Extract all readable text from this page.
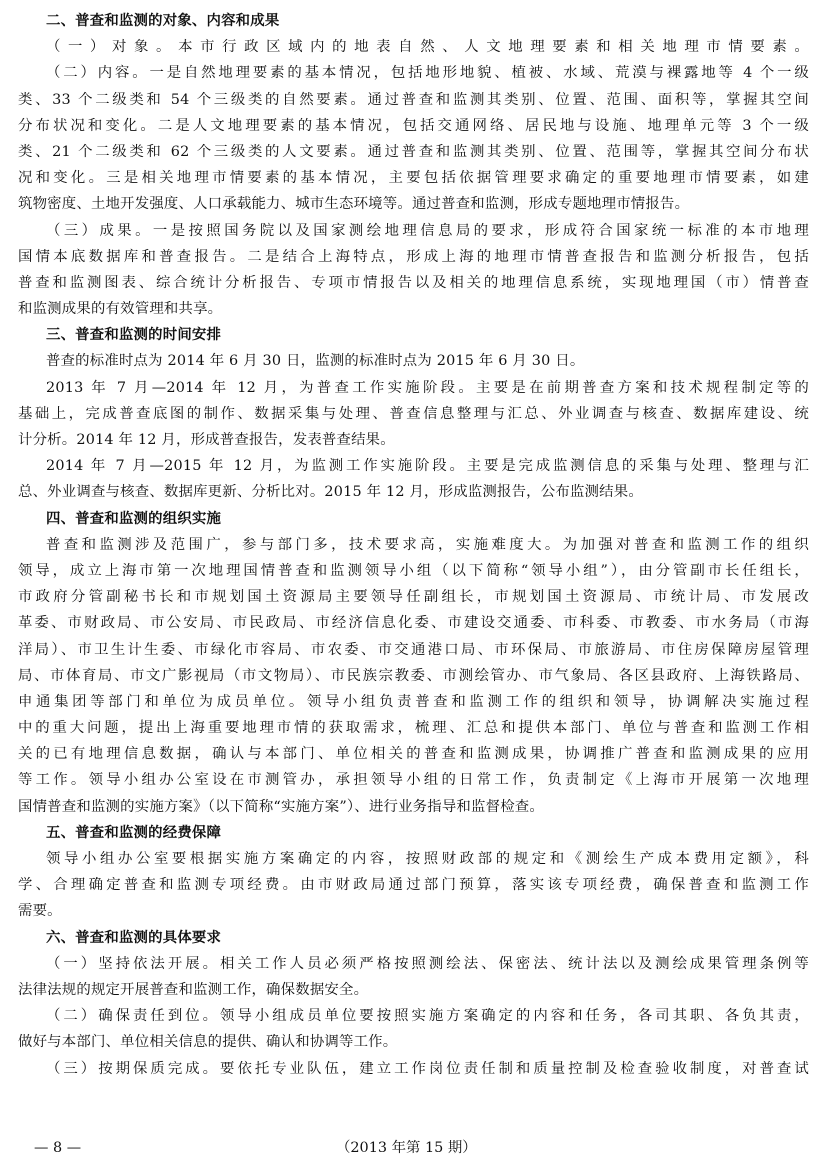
二、普查和监测的对象、内容和成果
（一）对象。本市行政区域内的地表自然、人文地理要素和相关地理市情要素。
（二）内容。一是自然地理要素的基本情况，包括地形地貌、植被、水域、荒漠与裸露地等 4 个一级
类、33 个二级类和 54 个三级类的自然要素。通过普查和监测其类别、位置、范围、面积等，掌握其空间
分布状况和变化。二是人文地理要素的基本情况，包括交通网络、居民地与设施、地理单元等 3 个一级
类、21 个二级类和 62 个三级类的人文要素。通过普查和监测其类别、位置、范围等，掌握其空间分布状
况和变化。三是相关地理市情要素的基本情况，主要包括依据管理要求确定的重要地理市情要素，如建
筑物密度、土地开发强度、人口承载能力、城市生态环境等。通过普查和监测，形成专题地理市情报告。
（三）成果。一是按照国务院以及国家测绘地理信息局的要求，形成符合国家统一标准的本市地理
国情本底数据库和普查报告。二是结合上海特点，形成上海的地理市情普查报告和监测分析报告，包括
普查和监测图表、综合统计分析报告、专项市情报告以及相关的地理信息系统，实现地理国（市）情普查
和监测成果的有效管理和共享。
三、普查和监测的时间安排
普查的标准时点为 2014 年 6 月 30 日，监测的标准时点为 2015 年 6 月 30 日。
2013 年 7 月—2014 年 12 月，为普查工作实施阶段。主要是在前期普查方案和技术规程制定等的
基础上，完成普查底图的制作、数据采集与处理、普查信息整理与汇总、外业调查与核查、数据库建设、统
计分析。2014 年 12 月，形成普查报告，发表普查结果。
2014 年 7 月—2015 年 12 月，为监测工作实施阶段。主要是完成监测信息的采集与处理、整理与汇
总、外业调查与核查、数据库更新、分析比对。2015 年 12 月，形成监测报告，公布监测结果。
四、普查和监测的组织实施
普查和监测涉及范围广，参与部门多，技术要求高，实施难度大。为加强对普查和监测工作的组织
领导，成立上海市第一次地理国情普查和监测领导小组（以下简称“领导小组”），由分管副市长任组长，
市政府分管副秘书长和市规划国土资源局主要领导任副组长，市规划国土资源局、市统计局、市发展改
革委、市财政局、市公安局、市民政局、市经济信息化委、市建设交通委、市科委、市教委、市水务局（市海
洋局）、市卫生计生委、市绿化市容局、市农委、市交通港口局、市环保局、市旅游局、市住房保障房屋管理
局、市体育局、市文广影视局（市文物局）、市民族宗教委、市测绘管办、市气象局、各区县政府、上海铁路局、
申通集团等部门和单位为成员单位。领导小组负责普查和监测工作的组织和领导，协调解决实施过程
中的重大问题，提出上海重要地理市情的获取需求，梳理、汇总和提供本部门、单位与普查和监测工作相
关的已有地理信息数据，确认与本部门、单位相关的普查和监测成果，协调推广普查和监测成果的应用
等工作。领导小组办公室设在市测管办，承担领导小组的日常工作，负责制定《上海市开展第一次地理
国情普查和监测的实施方案》（以下简称“实施方案”）、进行业务指导和监督检查。
五、普查和监测的经费保障
领导小组办公室要根据实施方案确定的内容，按照财政部的规定和《测绘生产成本费用定额》，科
学、合理确定普查和监测专项经费。由市财政局通过部门预算，落实该专项经费，确保普查和监测工作
需要。
六、普查和监测的具体要求
（一）坚持依法开展。相关工作人员必须严格按照测绘法、保密法、统计法以及测绘成果管理条例等
法律法规的规定开展普查和监测工作，确保数据安全。
（二）确保责任到位。领导小组成员单位要按照实施方案确定的内容和任务，各司其职、各负其责，
做好与本部门、单位相关信息的提供、确认和协调等工作。
（三）按期保质完成。要依托专业队伍，建立工作岗位责任制和质量控制及检查验收制度，对普查试
— 8 —	（2013 年第 15 期）
